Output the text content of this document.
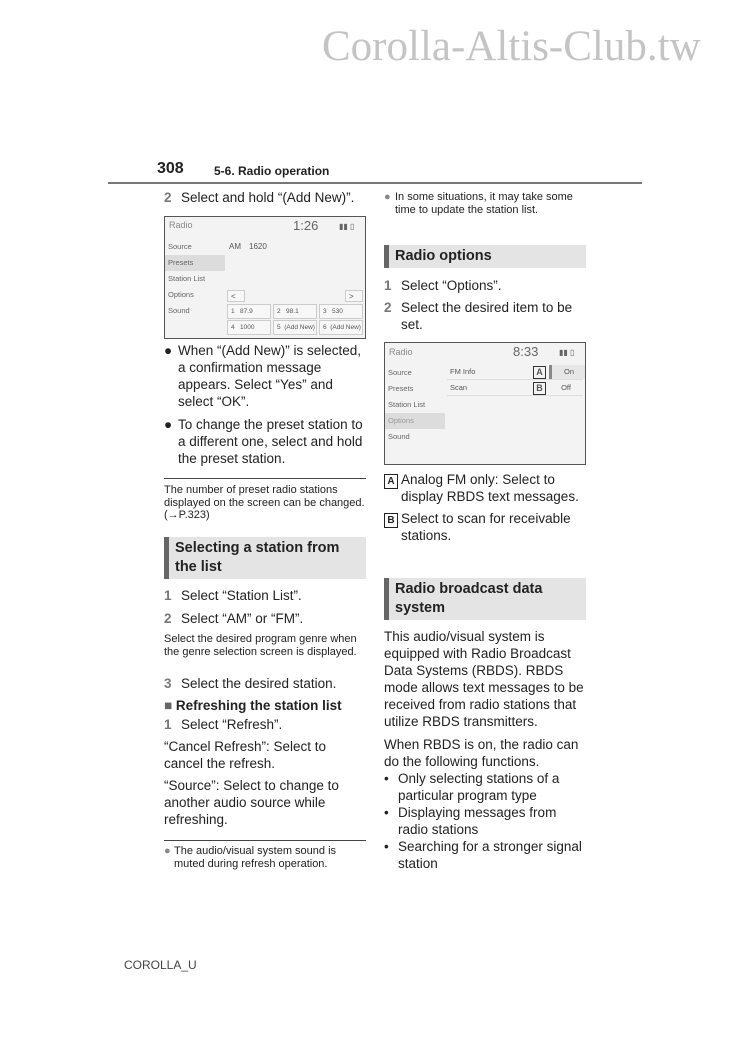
Corolla-Altis-Club.tw
308	5-6. Radio operation
2 Select and hold “(Add New)”.
Radio	1:26	▮▮ ▯
Source
Presets
Station List
Options
Sound
AM 1620
<	>
1 87.9	2 98.1	3 530
4 1000	5 (Add New)	6 (Add New)
● When “(Add New)” is selected, a confirmation message appears. Select “Yes” and select “OK”.
● To change the preset station to a different one, select and hold the preset station.
The number of preset radio stations displayed on the screen can be changed. (→P.323)
Selecting a station from the list
1 Select “Station List”.
2 Select “AM” or “FM”.
Select the desired program genre when the genre selection screen is displayed.
3 Select the desired station.
■ Refreshing the station list
1 Select “Refresh”.
“Cancel Refresh”: Select to cancel the refresh.
“Source”: Select to change to another audio source while refreshing.
● The audio/visual system sound is muted during refresh operation.
● In some situations, it may take some time to update the station list.
Radio options
1 Select “Options”.
2 Select the desired item to be set.
Radio	8:33	▮▮ ▯
Source
Presets
Station List
Options
Sound
FM Info	A	On
Scan	B	Off
A Analog FM only: Select to display RBDS text messages.
B Select to scan for receivable stations.
Radio broadcast data system
This audio/visual system is equipped with Radio Broadcast Data Systems (RBDS). RBDS mode allows text messages to be received from radio stations that utilize RBDS transmitters.
When RBDS is on, the radio can do the following functions.
• Only selecting stations of a particular program type
• Displaying messages from radio stations
• Searching for a stronger signal station
COROLLA_U
